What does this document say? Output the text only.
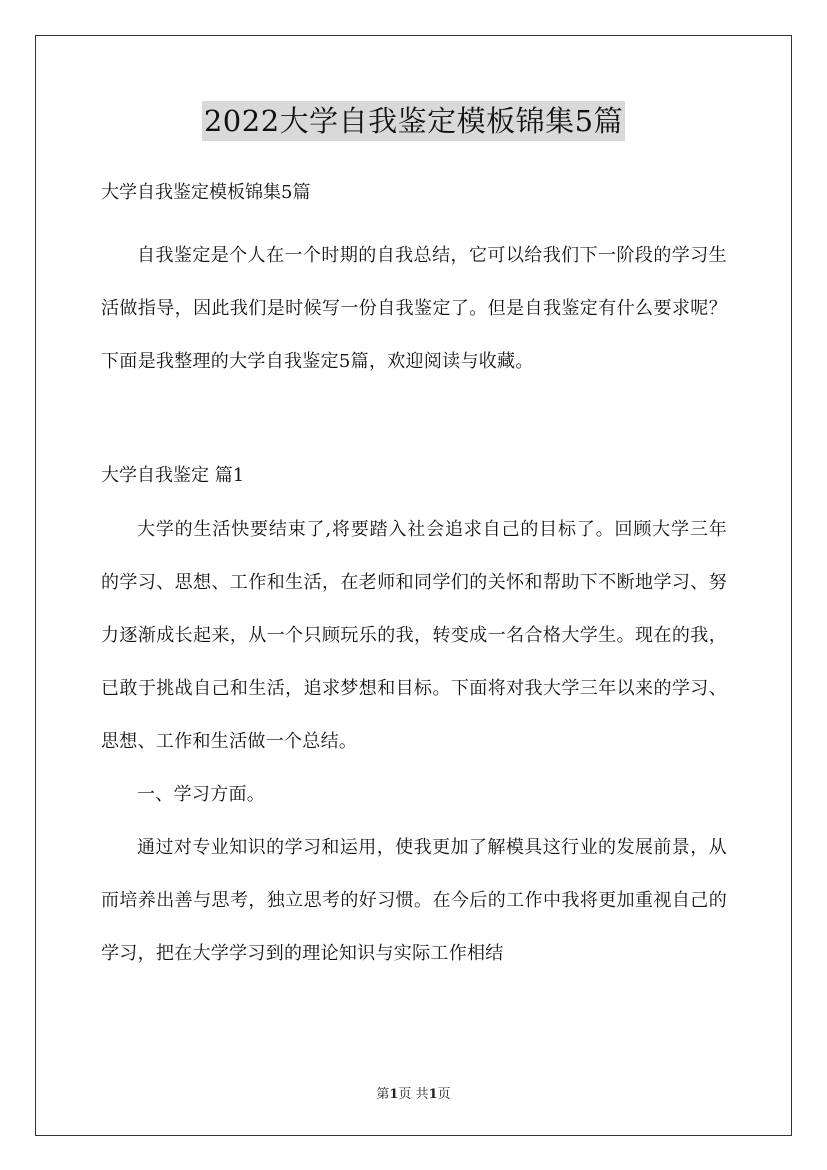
2022大学自我鉴定模板锦集5篇

大学自我鉴定模板锦集5篇

自我鉴定是个人在一个时期的自我总结，它可以给我们下一阶段的学习生活做指导，因此我们是时候写一份自我鉴定了。但是自我鉴定有什么要求呢？下面是我整理的大学自我鉴定5篇，欢迎阅读与收藏。

大学自我鉴定 篇1

大学的生活快要结束了,将要踏入社会追求自己的目标了。回顾大学三年的学习、思想、工作和生活，在老师和同学们的关怀和帮助下不断地学习、努力逐渐成长起来，从一个只顾玩乐的我，转变成一名合格大学生。现在的我，已敢于挑战自己和生活，追求梦想和目标。下面将对我大学三年以来的学习、思想、工作和生活做一个总结。

一、学习方面。

通过对专业知识的学习和运用，使我更加了解模具这行业的发展前景，从而培养出善与思考，独立思考的好习惯。在今后的工作中我将更加重视自己的学习，把在大学学习到的理论知识与实际工作相结

第1页 共1页
